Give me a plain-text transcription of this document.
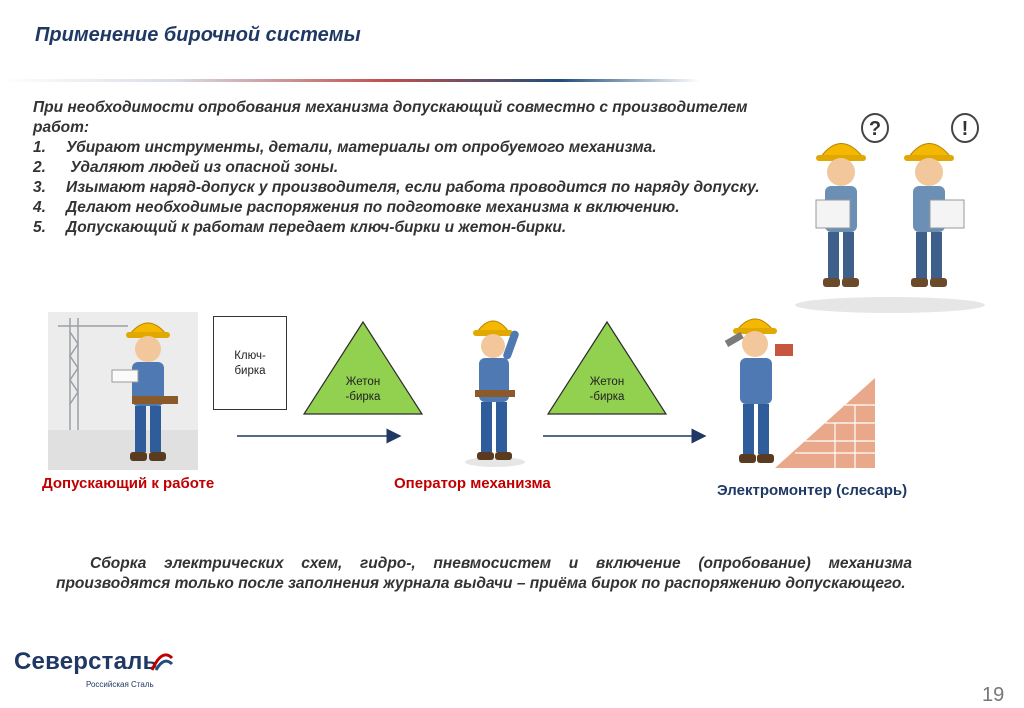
Применение бирочной системы
При необходимости опробования механизма допускающий совместно с производителем работ:
1. Убирают инструменты, детали, материалы от опробуемого механизма.
2. Удаляют людей из опасной зоны.
3. Изымают наряд-допуск у производителя, если работа проводится по наряду допуску.
4. Делают необходимые распоряжения по подготовке механизма к включению.
5. Допускающий к работам передает ключ-бирки и жетон-бирки.
?	!
Ключ-
бирка
Жетон
-бирка
Жетон
-бирка
Допускающий к работе	Оператор механизма	Электромонтер (слесарь)
Сборка электрических схем, гидро-, пневмосистем и включение (опробование) механизма производятся только после заполнения журнала выдачи – приёма бирок по распоряжению допускающего.
Северсталь
Российская Сталь	19
